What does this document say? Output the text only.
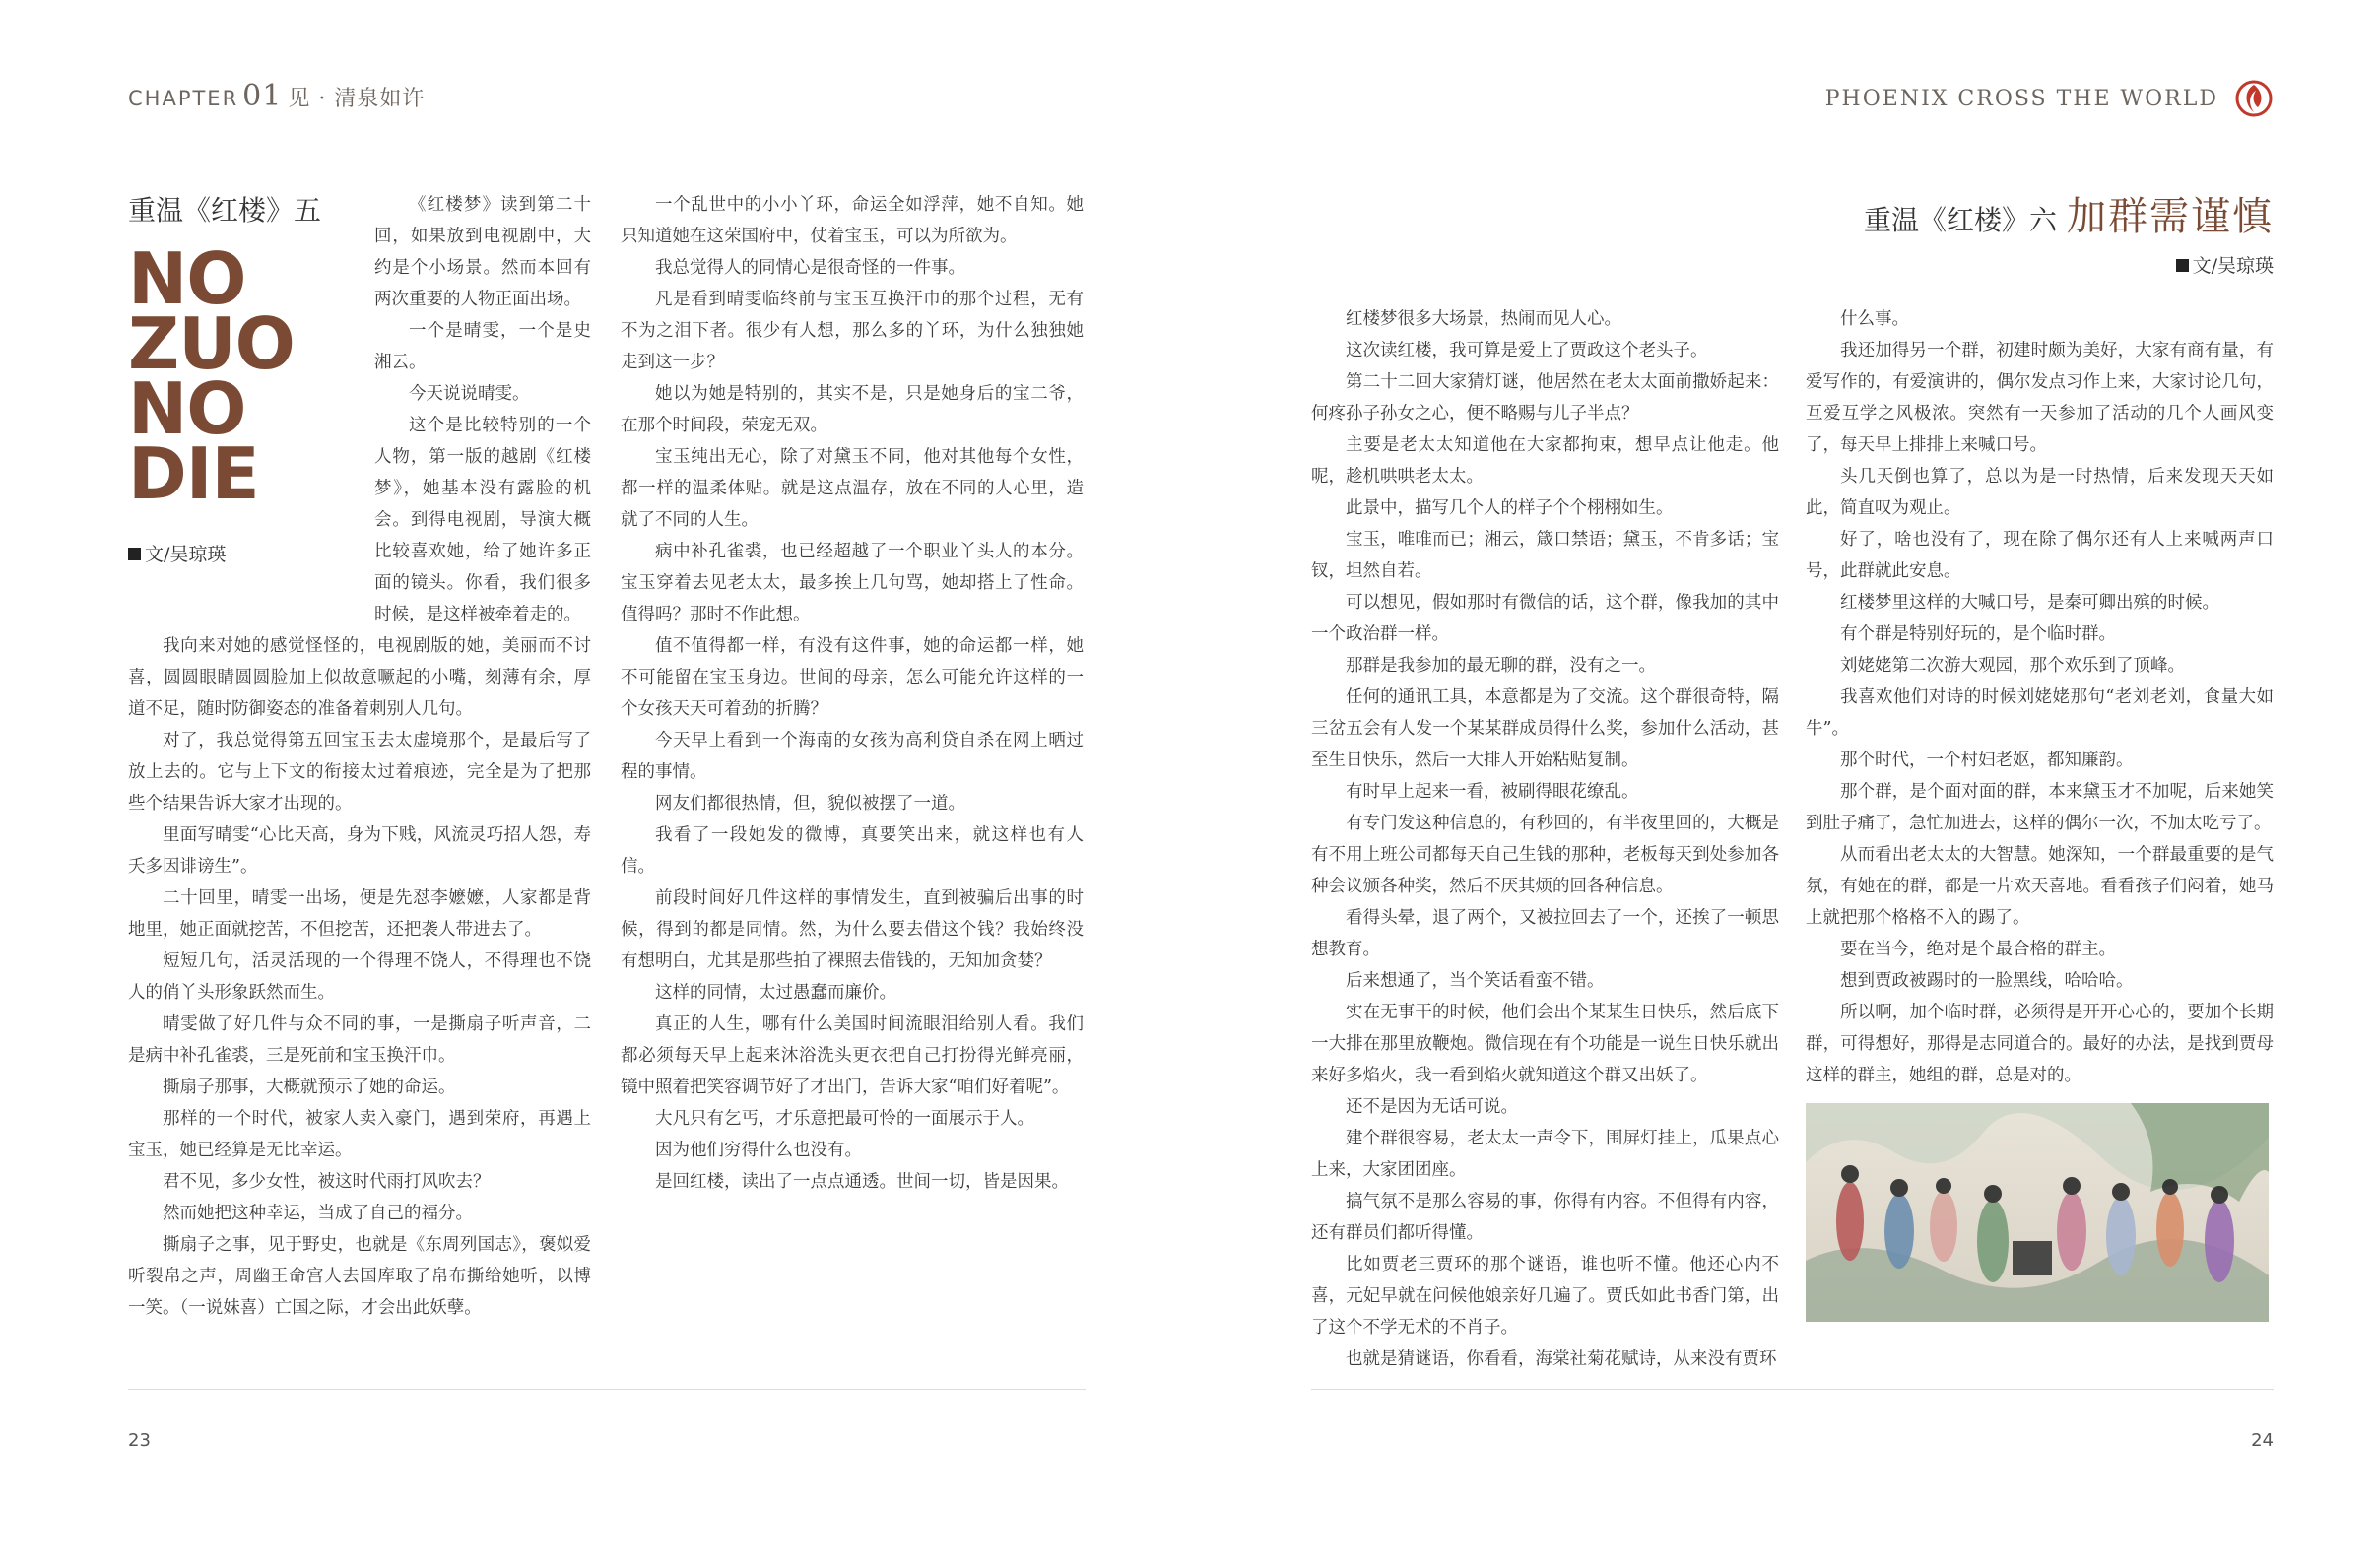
CHAPTER 01 见 · 清泉如许
重温《红楼》五
NO
ZUO
NO
DIE
文/吴琼瑛

《红楼梦》读到第二十回，如果放到电视剧中，大约是个小场景。然而本回有两次重要的人物正面出场。

一个是晴雯，一个是史湘云。

今天说说晴雯。

这个是比较特别的一个人物，第一版的越剧《红楼梦》，她基本没有露脸的机会。到得电视剧，导演大概比较喜欢她，给了她许多正面的镜头。你看，我们很多时候，是这样被牵着走的。

我向来对她的感觉怪怪的，电视剧版的她，美丽而不讨喜，圆圆眼睛圆圆脸加上似故意噘起的小嘴，刻薄有余，厚道不足，随时防御姿态的准备着刺别人几句。

对了，我总觉得第五回宝玉去太虚境那个，是最后写了放上去的。它与上下文的衔接太过着痕迹，完全是为了把那些个结果告诉大家才出现的。

里面写晴雯“心比天高，身为下贱，风流灵巧招人怨，寿夭多因诽谤生”。

二十回里，晴雯一出场，便是先怼李嬷嬷，人家都是背地里，她正面就挖苦，不但挖苦，还把袭人带进去了。

短短几句，活灵活现的一个得理不饶人，不得理也不饶人的俏丫头形象跃然而生。

晴雯做了好几件与众不同的事，一是撕扇子听声音，二是病中补孔雀裘，三是死前和宝玉换汗巾。

撕扇子那事，大概就预示了她的命运。

那样的一个时代，被家人卖入豪门，遇到荣府，再遇上宝玉，她已经算是无比幸运。

君不见，多少女性，被这时代雨打风吹去？

然而她把这种幸运，当成了自己的福分。

撕扇子之事，见于野史，也就是《东周列国志》，褒姒爱听裂帛之声，周幽王命宫人去国库取了帛布撕给她听，以博一笑。（一说妹喜）亡国之际，才会出此妖孽。

一个乱世中的小小丫环，命运全如浮萍，她不自知。她只知道她在这荣国府中，仗着宝玉，可以为所欲为。

我总觉得人的同情心是很奇怪的一件事。

凡是看到晴雯临终前与宝玉互换汗巾的那个过程，无有不为之泪下者。很少有人想，那么多的丫环，为什么独独她走到这一步？

她以为她是特别的，其实不是，只是她身后的宝二爷，在那个时间段，荣宠无双。

宝玉纯出无心，除了对黛玉不同，他对其他每个女性，都一样的温柔体贴。就是这点温存，放在不同的人心里，造就了不同的人生。

病中补孔雀裘，也已经超越了一个职业丫头人的本分。宝玉穿着去见老太太，最多挨上几句骂，她却搭上了性命。值得吗？那时不作此想。

值不值得都一样，有没有这件事，她的命运都一样，她不可能留在宝玉身边。世间的母亲，怎么可能允许这样的一个女孩天天可着劲的折腾？

今天早上看到一个海南的女孩为高利贷自杀在网上晒过程的事情。

网友们都很热情，但，貌似被摆了一道。

我看了一段她发的微博，真要笑出来，就这样也有人信。

前段时间好几件这样的事情发生，直到被骗后出事的时候，得到的都是同情。然，为什么要去借这个钱？我始终没有想明白，尤其是那些拍了裸照去借钱的，无知加贪婪？

这样的同情，太过愚蠢而廉价。

真正的人生，哪有什么美国时间流眼泪给别人看。我们都必须每天早上起来沐浴洗头更衣把自己打扮得光鲜亮丽，镜中照着把笑容调节好了才出门，告诉大家“咱们好着呢”。

大凡只有乞丐，才乐意把最可怜的一面展示于人。

因为他们穷得什么也没有。

是回红楼，读出了一点点通透。世间一切，皆是因果。

23
PHOENIX CROSS THE WORLD
重温《红楼》六 加群需谨慎
文/吴琼瑛

红楼梦很多大场景，热闹而见人心。

这次读红楼，我可算是爱上了贾政这个老头子。

第二十二回大家猜灯谜，他居然在老太太面前撒娇起来：何疼孙子孙女之心，便不略赐与儿子半点？

主要是老太太知道他在大家都拘束，想早点让他走。他呢，趁机哄哄老太太。

此景中，描写几个人的样子个个栩栩如生。

宝玉，唯唯而已；湘云，箴口禁语；黛玉，不肯多话；宝钗，坦然自若。

可以想见，假如那时有微信的话，这个群，像我加的其中一个政治群一样。

那群是我参加的最无聊的群，没有之一。

任何的通讯工具，本意都是为了交流。这个群很奇特，隔三岔五会有人发一个某某群成员得什么奖，参加什么活动，甚至生日快乐，然后一大排人开始粘贴复制。

有时早上起来一看，被刷得眼花缭乱。

有专门发这种信息的，有秒回的，有半夜里回的，大概是有不用上班公司都每天自己生钱的那种，老板每天到处参加各种会议颁各种奖，然后不厌其烦的回各种信息。

看得头晕，退了两个，又被拉回去了一个，还挨了一顿思想教育。

后来想通了，当个笑话看蛮不错。

实在无事干的时候，他们会出个某某生日快乐，然后底下一大排在那里放鞭炮。微信现在有个功能是一说生日快乐就出来好多焰火，我一看到焰火就知道这个群又出妖了。

还不是因为无话可说。

建个群很容易，老太太一声令下，围屏灯挂上，瓜果点心上来，大家团团座。

搞气氛不是那么容易的事，你得有内容。不但得有内容，还有群员们都听得懂。

比如贾老三贾环的那个谜语，谁也听不懂。他还心内不喜，元妃早就在问候他娘亲好几遍了。贾氏如此书香门第，出了这个不学无术的不肖子。

也就是猜谜语，你看看，海棠社菊花赋诗，从来没有贾环

什么事。

我还加得另一个群，初建时颇为美好，大家有商有量，有爱写作的，有爱演讲的，偶尔发点习作上来，大家讨论几句，互爱互学之风极浓。突然有一天参加了活动的几个人画风变了，每天早上排排上来喊口号。

头几天倒也算了，总以为是一时热情，后来发现天天如此，简直叹为观止。

好了，啥也没有了，现在除了偶尔还有人上来喊两声口号，此群就此安息。

红楼梦里这样的大喊口号，是秦可卿出殡的时候。

有个群是特别好玩的，是个临时群。

刘姥姥第二次游大观园，那个欢乐到了顶峰。

我喜欢他们对诗的时候刘姥姥那句“老刘老刘，食量大如牛”。

那个时代，一个村妇老妪，都知廉韵。

那个群，是个面对面的群，本来黛玉才不加呢，后来她笑到肚子痛了，急忙加进去，这样的偶尔一次，不加太吃亏了。

从而看出老太太的大智慧。她深知，一个群最重要的是气氛，有她在的群，都是一片欢天喜地。看看孩子们闷着，她马上就把那个格格不入的踢了。

要在当今，绝对是个最合格的群主。

想到贾政被踢时的一脸黑线，哈哈哈。

所以啊，加个临时群，必须得是开开心心的，要加个长期群，可得想好，那得是志同道合的。最好的办法，是找到贾母这样的群主，她组的群，总是对的。

24
